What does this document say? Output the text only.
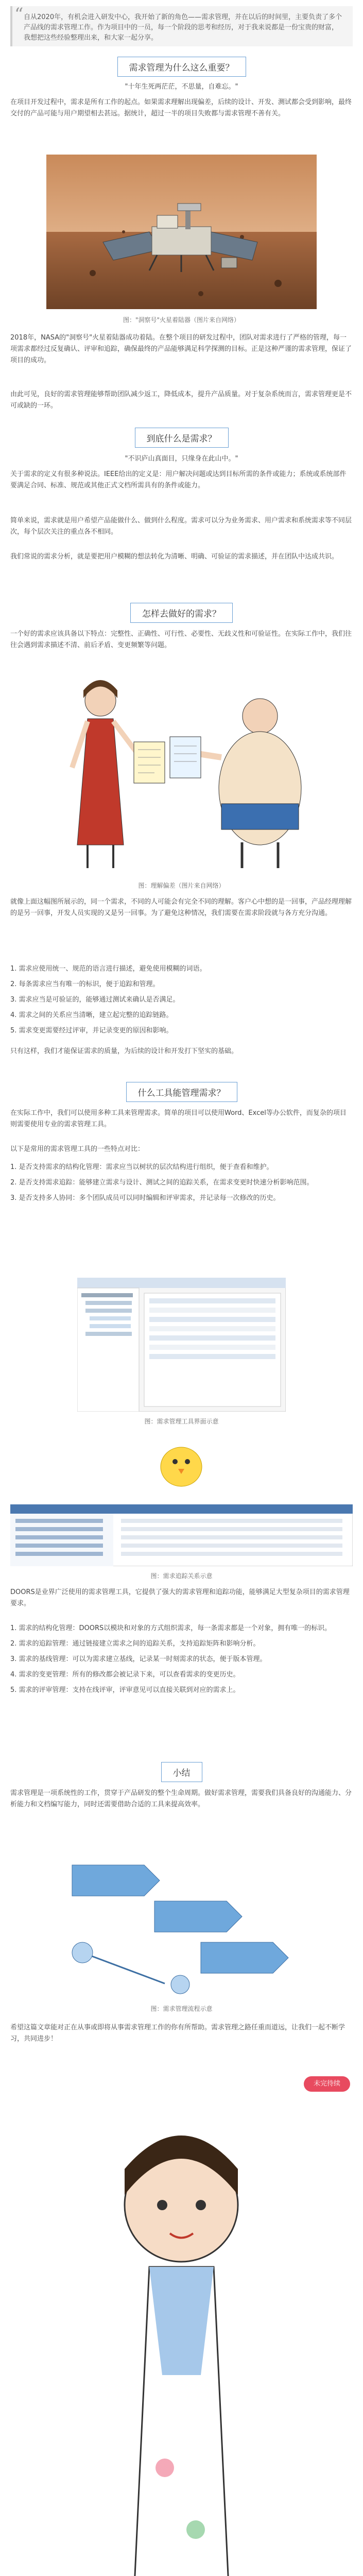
“ 自从2020年，有机会进入研发中心，我开始了新的角色——需求管理，并在以后的时间里，主要负责了多个产品线的需求管理工作。作为项目中的一员，每一个阶段的思考和经历，对于我来说都是一份宝贵的财富，我想把这些经验整理出来，和大家一起分享。
需求管理为什么这么重要？

"十年生死两茫茫，不思量，自难忘。"

在项目开发过程中，需求是所有工作的起点。如果需求理解出现偏差，后续的设计、开发、测试都会受到影响，最终交付的产品可能与用户期望相去甚远。据统计，超过一半的项目失败都与需求管理不善有关。

图："洞察号"火星着陆器（图片来自网络）

2018年，NASA的"洞察号"火星着陆器成功着陆。在整个项目的研发过程中，团队对需求进行了严格的管理，每一项需求都经过反复确认、评审和追踪，确保最终的产品能够满足科学探测的目标。正是这种严谨的需求管理，保证了项目的成功。

由此可见，良好的需求管理能够帮助团队减少返工，降低成本，提升产品质量。对于复杂系统而言，需求管理更是不可或缺的一环。

到底什么是需求？

"不识庐山真面目，只缘身在此山中。"

关于需求的定义有很多种说法。IEEE给出的定义是：用户解决问题或达到目标所需的条件或能力；系统或系统部件要满足合同、标准、规范或其他正式文档所需具有的条件或能力。

简单来说，需求就是用户希望产品能做什么、做到什么程度。需求可以分为业务需求、用户需求和系统需求等不同层次，每个层次关注的重点各不相同。

我们常说的需求分析，就是要把用户模糊的想法转化为清晰、明确、可验证的需求描述，并在团队中达成共识。

怎样去做好的需求？

一个好的需求应该具备以下特点：完整性、正确性、可行性、必要性、无歧义性和可验证性。在实际工作中，我们往往会遇到需求描述不清、前后矛盾、变更频繁等问题。

图：理解偏差（图片来自网络）

就像上面这幅图所展示的，同一个需求，不同的人可能会有完全不同的理解。客户心中想的是一回事，产品经理理解的是另一回事，开发人员实现的又是另一回事。为了避免这种情况，我们需要在需求阶段就与各方充分沟通。

1. 需求应使用统一、规范的语言进行描述，避免使用模糊的词语。
2. 每条需求应当有唯一的标识，便于追踪和管理。
3. 需求应当是可验证的，能够通过测试来确认是否满足。
4. 需求之间的关系应当清晰，建立起完整的追踪链路。
5. 需求变更需要经过评审，并记录变更的原因和影响。

只有这样，我们才能保证需求的质量，为后续的设计和开发打下坚实的基础。

什么工具能管理需求？

在实际工作中，我们可以使用多种工具来管理需求。简单的项目可以使用Word、Excel等办公软件，而复杂的项目则需要使用专业的需求管理工具。

以下是常用的需求管理工具的一些特点对比：

1. 是否支持需求的结构化管理：需求应当以树状的层次结构进行组织，便于查看和维护。
2. 是否支持需求追踪：能够建立需求与设计、测试之间的追踪关系，在需求变更时快速分析影响范围。
3. 是否支持多人协同：多个团队成员可以同时编辑和评审需求，并记录每一次修改的历史。
图：需求管理工具界面示意
图：需求追踪关系示意

DOORS是业界广泛使用的需求管理工具，它提供了强大的需求管理和追踪功能，能够满足大型复杂项目的需求管理要求。

1. 需求的结构化管理：DOORS以模块和对象的方式组织需求，每一条需求都是一个对象，拥有唯一的标识。
2. 需求的追踪管理：通过链接建立需求之间的追踪关系，支持追踪矩阵和影响分析。
3. 需求的基线管理：可以为需求建立基线，记录某一时刻需求的状态，便于版本管理。
4. 需求的变更管理：所有的修改都会被记录下来，可以查看需求的变更历史。
5. 需求的评审管理：支持在线评审，评审意见可以直接关联到对应的需求上。
小结

需求管理是一项系统性的工作，贯穿于产品研发的整个生命周期。做好需求管理，需要我们具备良好的沟通能力、分析能力和文档编写能力，同时还需要借助合适的工具来提高效率。

图：需求管理流程示意

希望这篇文章能对正在从事或即将从事需求管理工作的你有所帮助。需求管理之路任重而道远，让我们一起不断学习，共同进步！

未完待续
